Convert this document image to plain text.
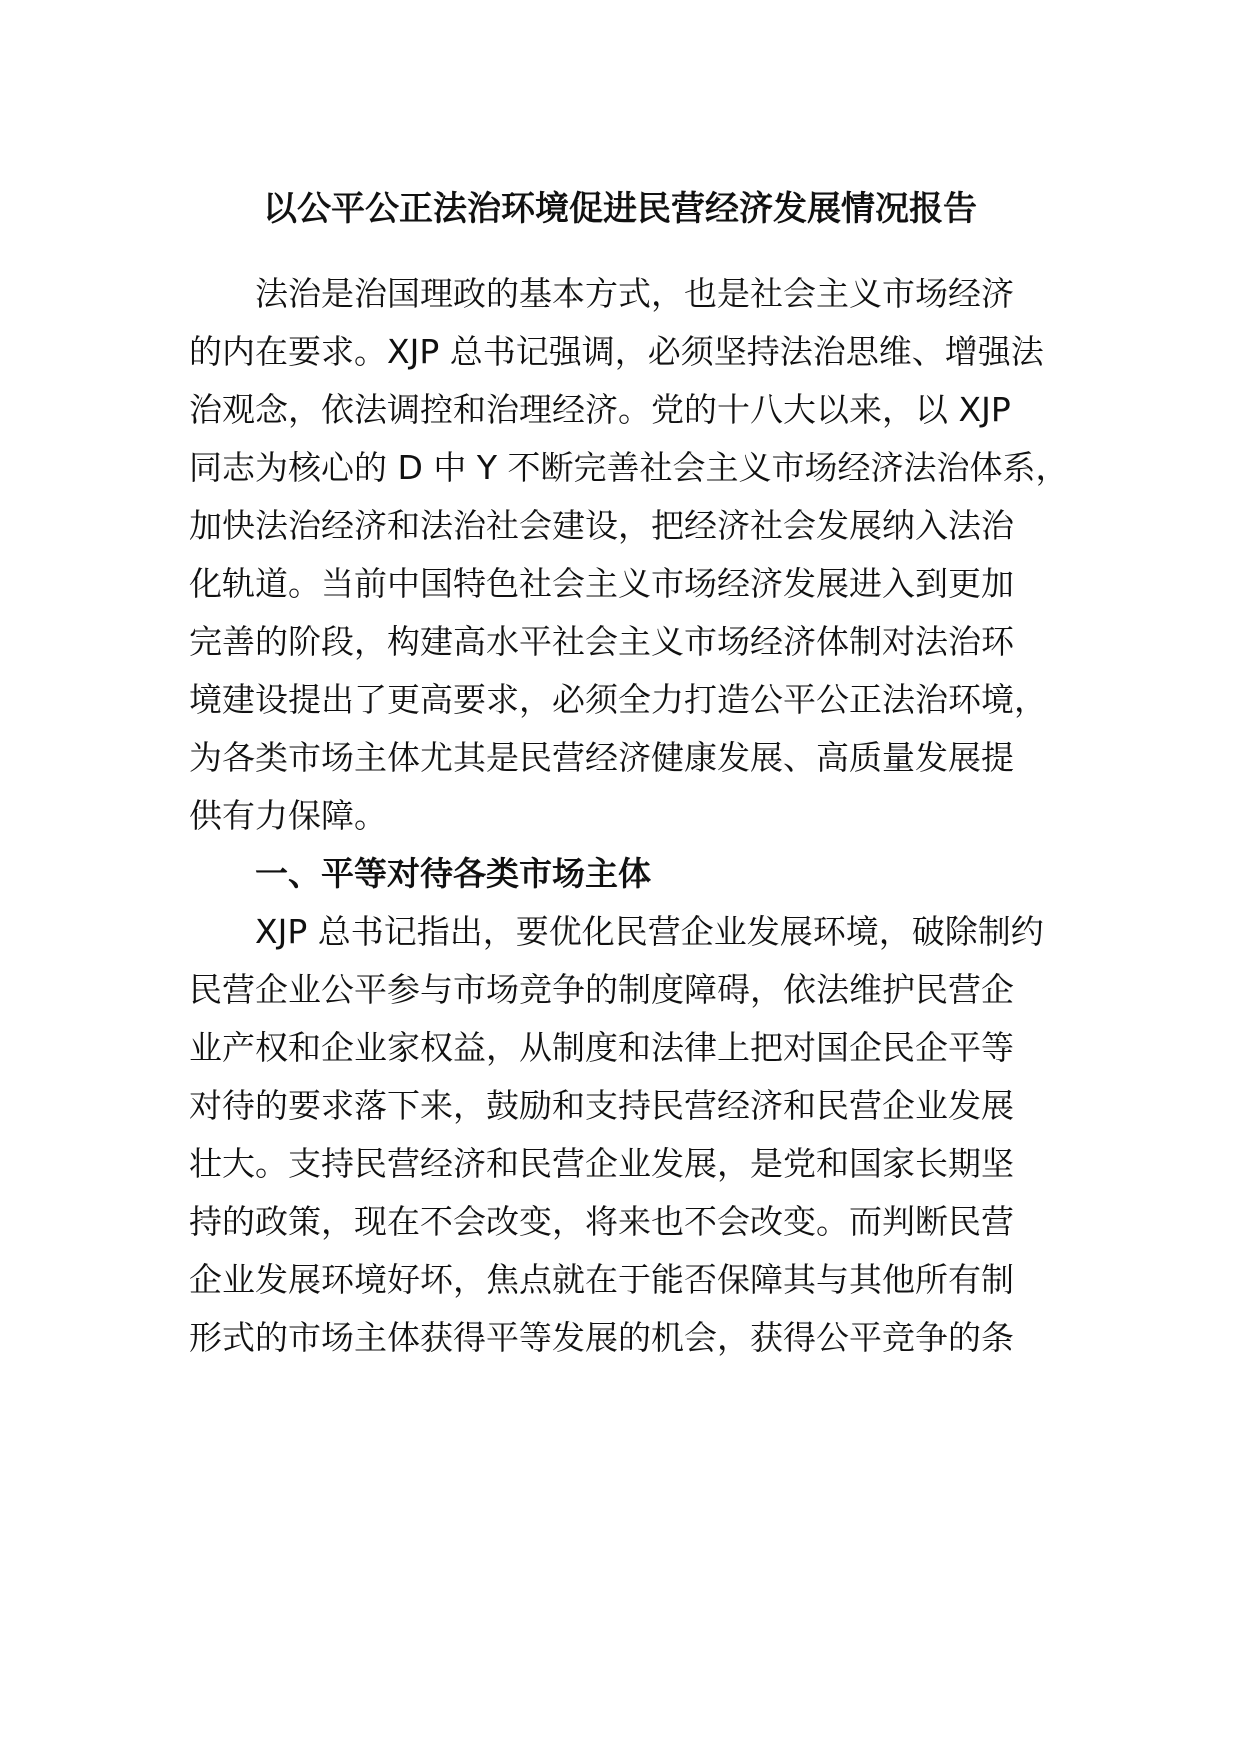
以公平公正法治环境促进民营经济发展情况报告
法治是治国理政的基本方式，也是社会主义市场经济
的内在要求。XJP 总书记强调，必须坚持法治思维、增强法
治观念，依法调控和治理经济。党的十八大以来，以 XJP
同志为核心的 D 中 Y 不断完善社会主义市场经济法治体系，
加快法治经济和法治社会建设，把经济社会发展纳入法治
化轨道。当前中国特色社会主义市场经济发展进入到更加
完善的阶段，构建高水平社会主义市场经济体制对法治环
境建设提出了更高要求，必须全力打造公平公正法治环境，
为各类市场主体尤其是民营经济健康发展、高质量发展提
供有力保障。
一、平等对待各类市场主体
XJP 总书记指出，要优化民营企业发展环境，破除制约
民营企业公平参与市场竞争的制度障碍，依法维护民营企
业产权和企业家权益，从制度和法律上把对国企民企平等
对待的要求落下来，鼓励和支持民营经济和民营企业发展
壮大。支持民营经济和民营企业发展，是党和国家长期坚
持的政策，现在不会改变，将来也不会改变。而判断民营
企业发展环境好坏，焦点就在于能否保障其与其他所有制
形式的市场主体获得平等发展的机会，获得公平竞争的条
